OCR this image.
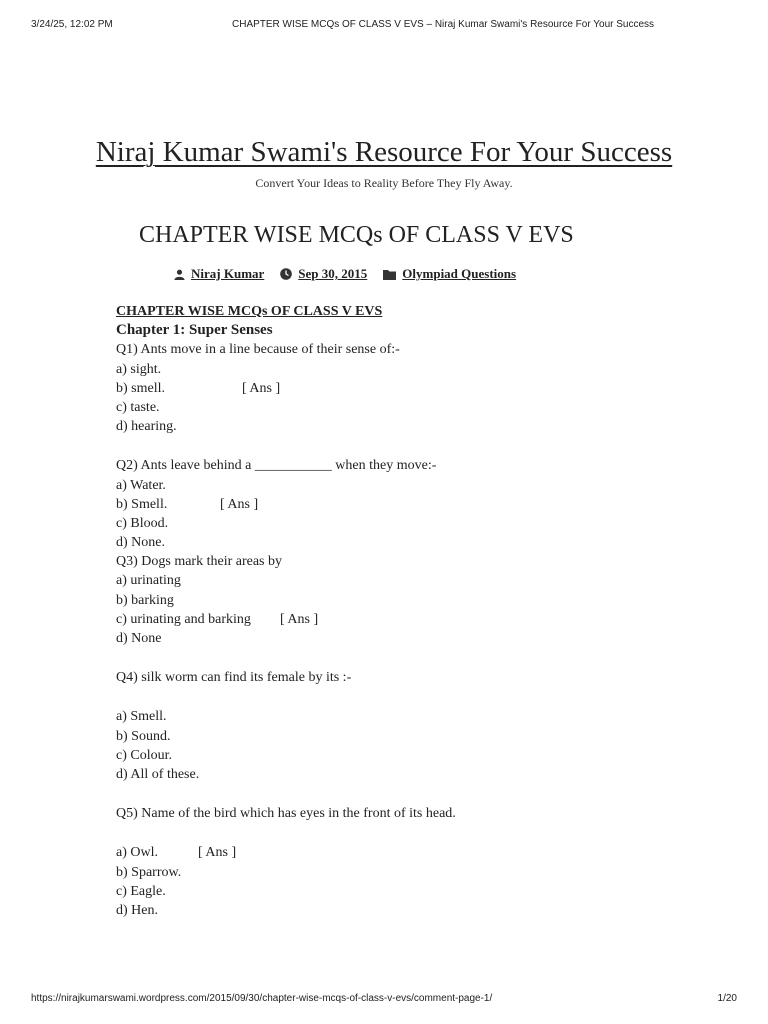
3/24/25, 12:02 PM	CHAPTER WISE MCQs OF CLASS V EVS – Niraj Kumar Swami's Resource For Your Success
Niraj Kumar Swami's Resource For Your Success
Convert Your Ideas to Reality Before They Fly Away.
CHAPTER WISE MCQs OF CLASS V EVS
Niraj Kumar	Sep 30, 2015	Olympiad Questions
CHAPTER WISE MCQs OF CLASS V EVS
Chapter 1: Super Senses
Q1) Ants move in a line because of their sense of:-
a) sight.
b) smell.	[ Ans ]
c) taste.
d) hearing.
Q2) Ants leave behind a ___________ when they move:-
a) Water.
b) Smell.	[ Ans ]
c) Blood.
d) None.
Q3) Dogs mark their areas by
a) urinating
b) barking
c) urinating and barking [ Ans ]
d) None
Q4) silk worm can find its female by its :-
a) Smell.
b) Sound.
c) Colour.
d) All of these.
Q5) Name of the bird which has eyes in the front of its head.
a) Owl.	[ Ans ]
b) Sparrow.
c) Eagle.
d) Hen.
https://nirajkumarswami.wordpress.com/2015/09/30/chapter-wise-mcqs-of-class-v-evs/comment-page-1/	1/20
